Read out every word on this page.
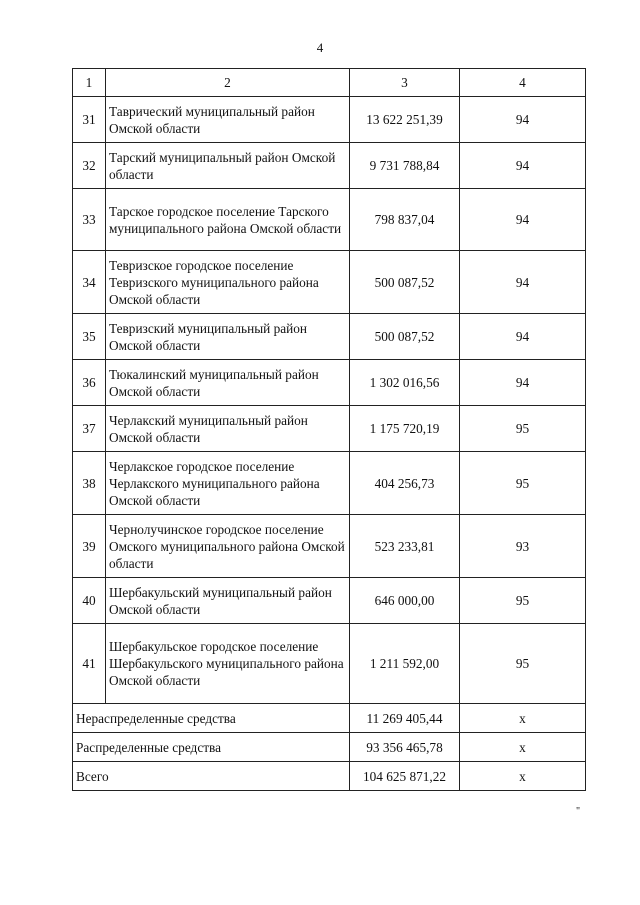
4
1	2	3	4
31	Таврический муниципальный район Омской области	13 622 251,39	94
32	Тарский муниципальный район Омской области	9 731 788,84	94
33	Тарское городское поселение Тарского муниципального района Омской области	798 837,04	94
34	Тевризское городское поселение Тевризского муниципального района Омской области	500 087,52	94
35	Тевризский муниципальный район Омской области	500 087,52	94
36	Тюкалинский муниципальный район Омской области	1 302 016,56	94
37	Черлакский муниципальный район Омской области	1 175 720,19	95
38	Черлакское городское поселение Черлакского муниципального района Омской области	404 256,73	95
39	Чернолучинское городское поселение Омского муниципального района Омской области	523 233,81	93
40	Шербакульский муниципальный район Омской области	646 000,00	95
41	Шербакульское городское поселение Шербакульского муниципального района Омской области	1 211 592,00	95
Нераспределенные средства		11 269 405,44	х
Распределенные средства		93 356 465,78	х
Всего		104 625 871,22	х
"
